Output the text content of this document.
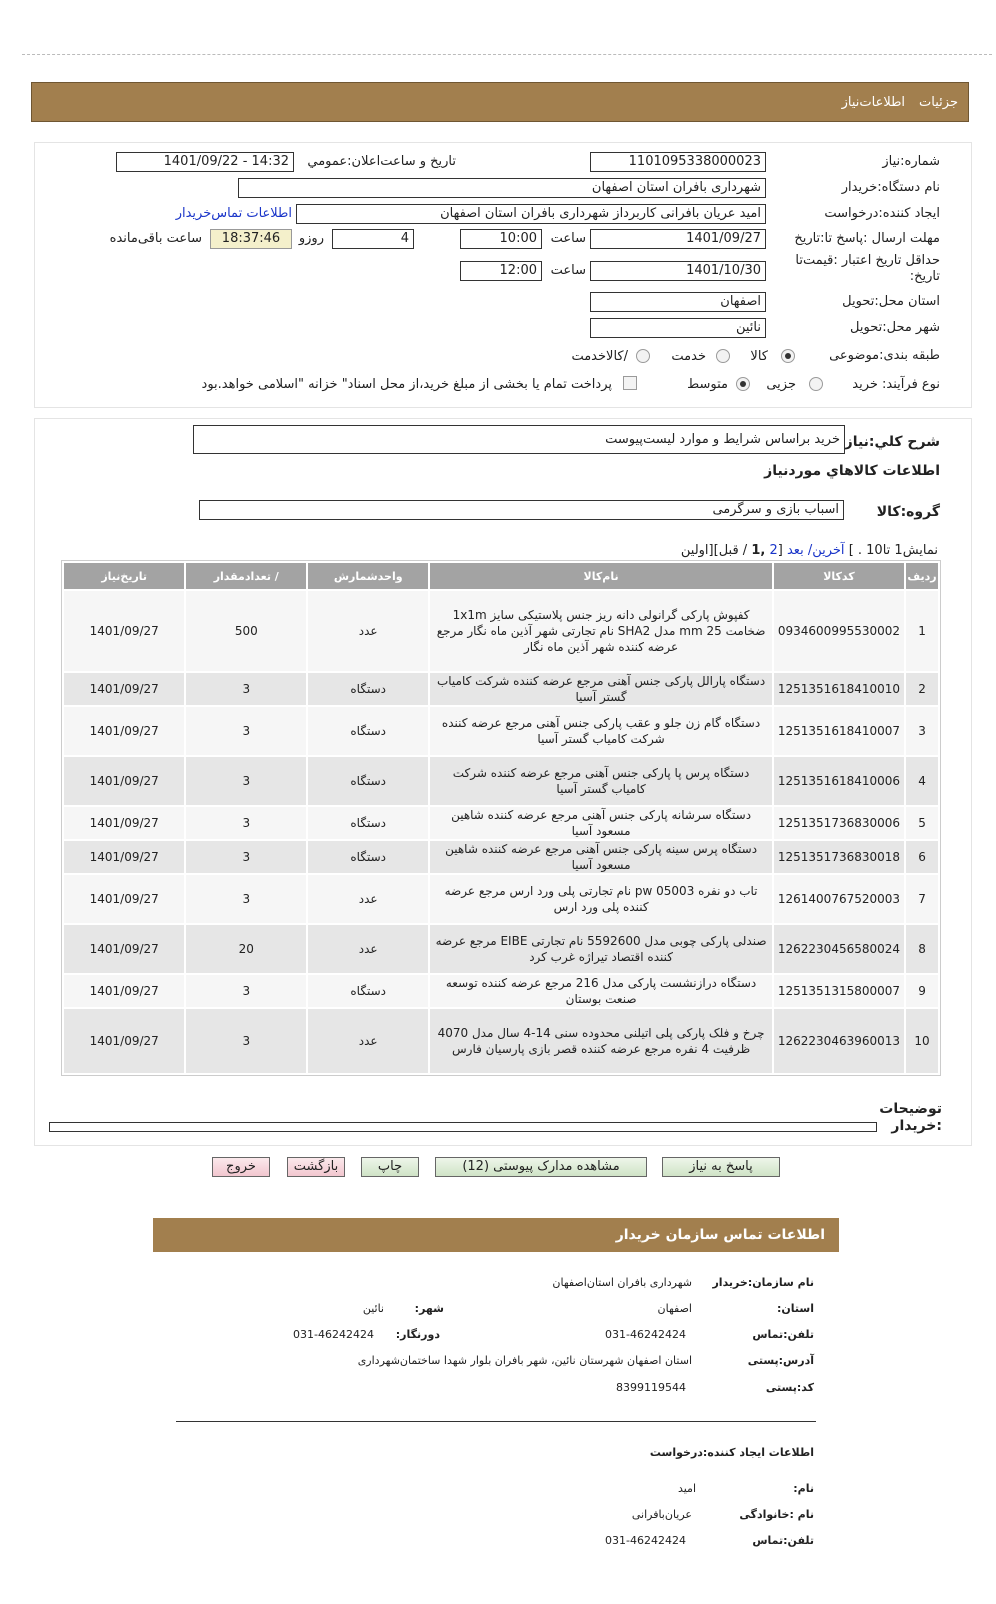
جزئیات
اطلاعات‌نیاز
شماره:نیاز
1101095338000023
تاریخ و ساعت‌اعلان:عمومي
1401/09/22 - 14:32
نام دستگاه:خریدار
شهرداری بافران استان اصفهان
ایجاد کننده:درخواست
امید عریان بافرانی کاربرداز شهرداری بافران استان اصفهان
اطلاعات تماس‌خریدار
مهلت ارسال :پاسخ تا:تاریخ
1401/09/27
ساعت
10:00
4
روزو
18:37:46
ساعت باقی‌مانده
حداقل تاریخ اعتبار :قیمت‌تا تاریخ:
1401/10/30
ساعت
12:00
استان محل:تحویل
اصفهان
شهر محل:تحویل
نائین
طبقه بندی:موضوعی
کالا
خدمت
/کالاخدمت
نوع فرآیند: خرید
جزیی
متوسط
پرداخت تمام یا بخشی از مبلغ خرید،از محل اسناد" خزانه "اسلامی خواهد.بود
شرح کلي:نیاز
خرید براساس شرایط و موارد لیست‌پیوست
اطلاعات کالاهاي موردنیاز
گروه:کالا
اسباب بازی و سرگرمی
نمایش1 تا10 . ] آخرین/ بعد [2 ,1 / قبل][اولین
ردیف	کدکالا	نام‌کالا	واحدشمارش	/ تعدادمقدار	تاریخ‌نیاز
1	0934600995530002	کفپوش پارکی گرانولی دانه ریز جنس پلاستیکی سایز 1x1m ضخامت 25 mm مدل SHA2 نام تجارتی شهر آذین ماه نگار مرجع عرضه کننده شهر آذین ماه نگار	عدد	500	1401/09/27
2	1251351618410010	دستگاه پارالل پارکی جنس آهنی مرجع عرضه کننده شرکت کامیاب گستر آسیا	دستگاه	3	1401/09/27
3	1251351618410007	دستگاه گام زن جلو و عقب پارکی جنس آهنی مرجع عرضه کننده شرکت کامیاب گستر آسیا	دستگاه	3	1401/09/27
4	1251351618410006	دستگاه پرس پا پارکی جنس آهنی مرجع عرضه کننده شرکت کامیاب گستر آسیا	دستگاه	3	1401/09/27
5	1251351736830006	دستگاه سرشانه پارکی جنس آهنی مرجع عرضه کننده شاهین مسعود آسیا	دستگاه	3	1401/09/27
6	1251351736830018	دستگاه پرس سینه پارکی جنس آهنی مرجع عرضه کننده شاهین مسعود آسیا	دستگاه	3	1401/09/27
7	1261400767520003	تاب دو نفره pw 05003 نام تجارتی پلی ورد ارس مرجع عرضه کننده پلی ورد ارس	عدد	3	1401/09/27
8	1262230456580024	صندلی پارکی چوبی مدل 5592600 نام تجارتی EIBE مرجع عرضه کننده اقتصاد تیراژه غرب کرد	عدد	20	1401/09/27
9	1251351315800007	دستگاه درازنشست پارکی مدل 216 مرجع عرضه کننده توسعه صنعت بوستان	دستگاه	3	1401/09/27
10	1262230463960013	چرخ و فلک پارکی پلی اتیلنی محدوده سنی 14-4 سال مدل 4070 ظرفیت 4 نفره مرجع عرضه کننده قصر بازی پارسیان فارس	عدد	3	1401/09/27
توضیحات :خریدار
پاسخ به نیاز
مشاهده مدارک پیوستی (12)
چاپ
بازگشت
خروج
اطلاعات تماس سازمان خریدار
نام سازمان:خریدار
شهرداری بافران استان‌اصفهان
استان:
اصفهان
شهر:
نائین
تلفن:تماس
031-46242424
دورنگار:
031-46242424
آدرس:پستی
استان اصفهان شهرستان نائین، شهر بافران بلوار شهدا ساختمان‌شهرداری
کد:پستی
8399119544
اطلاعات ایجاد کننده:درخواست
نام:
امید
نام :خانوادگی
عریان‌بافرانی
تلفن:تماس
031-46242424
